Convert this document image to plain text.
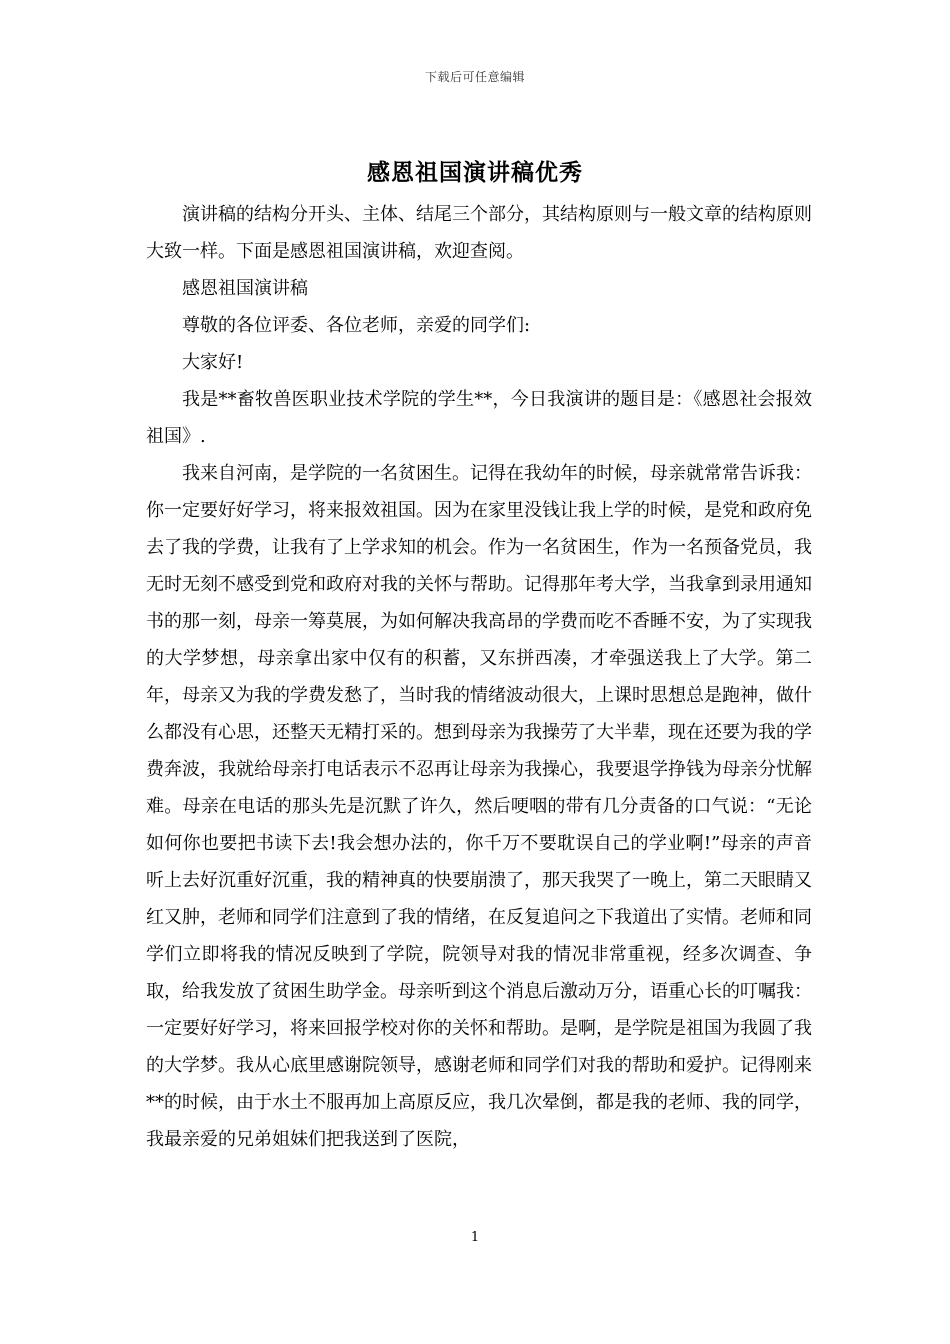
下载后可任意编辑
感恩祖国演讲稿优秀

演讲稿的结构分开头、主体、结尾三个部分，其结构原则与一般文章的结构原则大致一样。下面是感恩祖国演讲稿，欢迎查阅。

感恩祖国演讲稿

尊敬的各位评委、各位老师，亲爱的同学们:

大家好!

我是**畜牧兽医职业技术学院的学生**，今日我演讲的题目是：《感恩社会报效祖国》.

我来自河南，是学院的一名贫困生。记得在我幼年的时候，母亲就常常告诉我：你一定要好好学习，将来报效祖国。因为在家里没钱让我上学的时候，是党和政府免去了我的学费，让我有了上学求知的机会。作为一名贫困生，作为一名预备党员，我无时无刻不感受到党和政府对我的关怀与帮助。记得那年考大学，当我拿到录用通知书的那一刻，母亲一筹莫展，为如何解决我高昂的学费而吃不香睡不安，为了实现我的大学梦想，母亲拿出家中仅有的积蓄，又东拼西凑，才牵强送我上了大学。第二年，母亲又为我的学费发愁了，当时我的情绪波动很大，上课时思想总是跑神，做什么都没有心思，还整天无精打采的。想到母亲为我操劳了大半辈，现在还要为我的学费奔波，我就给母亲打电话表示不忍再让母亲为我操心，我要退学挣钱为母亲分忧解难。母亲在电话的那头先是沉默了许久，然后哽咽的带有几分责备的口气说：“无论如何你也要把书读下去!我会想办法的，你千万不要耽误自己的学业啊!”母亲的声音听上去好沉重好沉重，我的精神真的快要崩溃了，那天我哭了一晚上，第二天眼睛又红又肿，老师和同学们注意到了我的情绪，在反复追问之下我道出了实情。老师和同学们立即将我的情况反映到了学院，院领导对我的情况非常重视，经多次调查、争取，给我发放了贫困生助学金。母亲听到这个消息后激动万分，语重心长的叮嘱我：一定要好好学习，将来回报学校对你的关怀和帮助。是啊，是学院是祖国为我圆了我的大学梦。我从心底里感谢院领导，感谢老师和同学们对我的帮助和爱护。记得刚来**的时候，由于水土不服再加上高原反应，我几次晕倒，都是我的老师、我的同学，我最亲爱的兄弟姐妹们把我送到了医院，

1
